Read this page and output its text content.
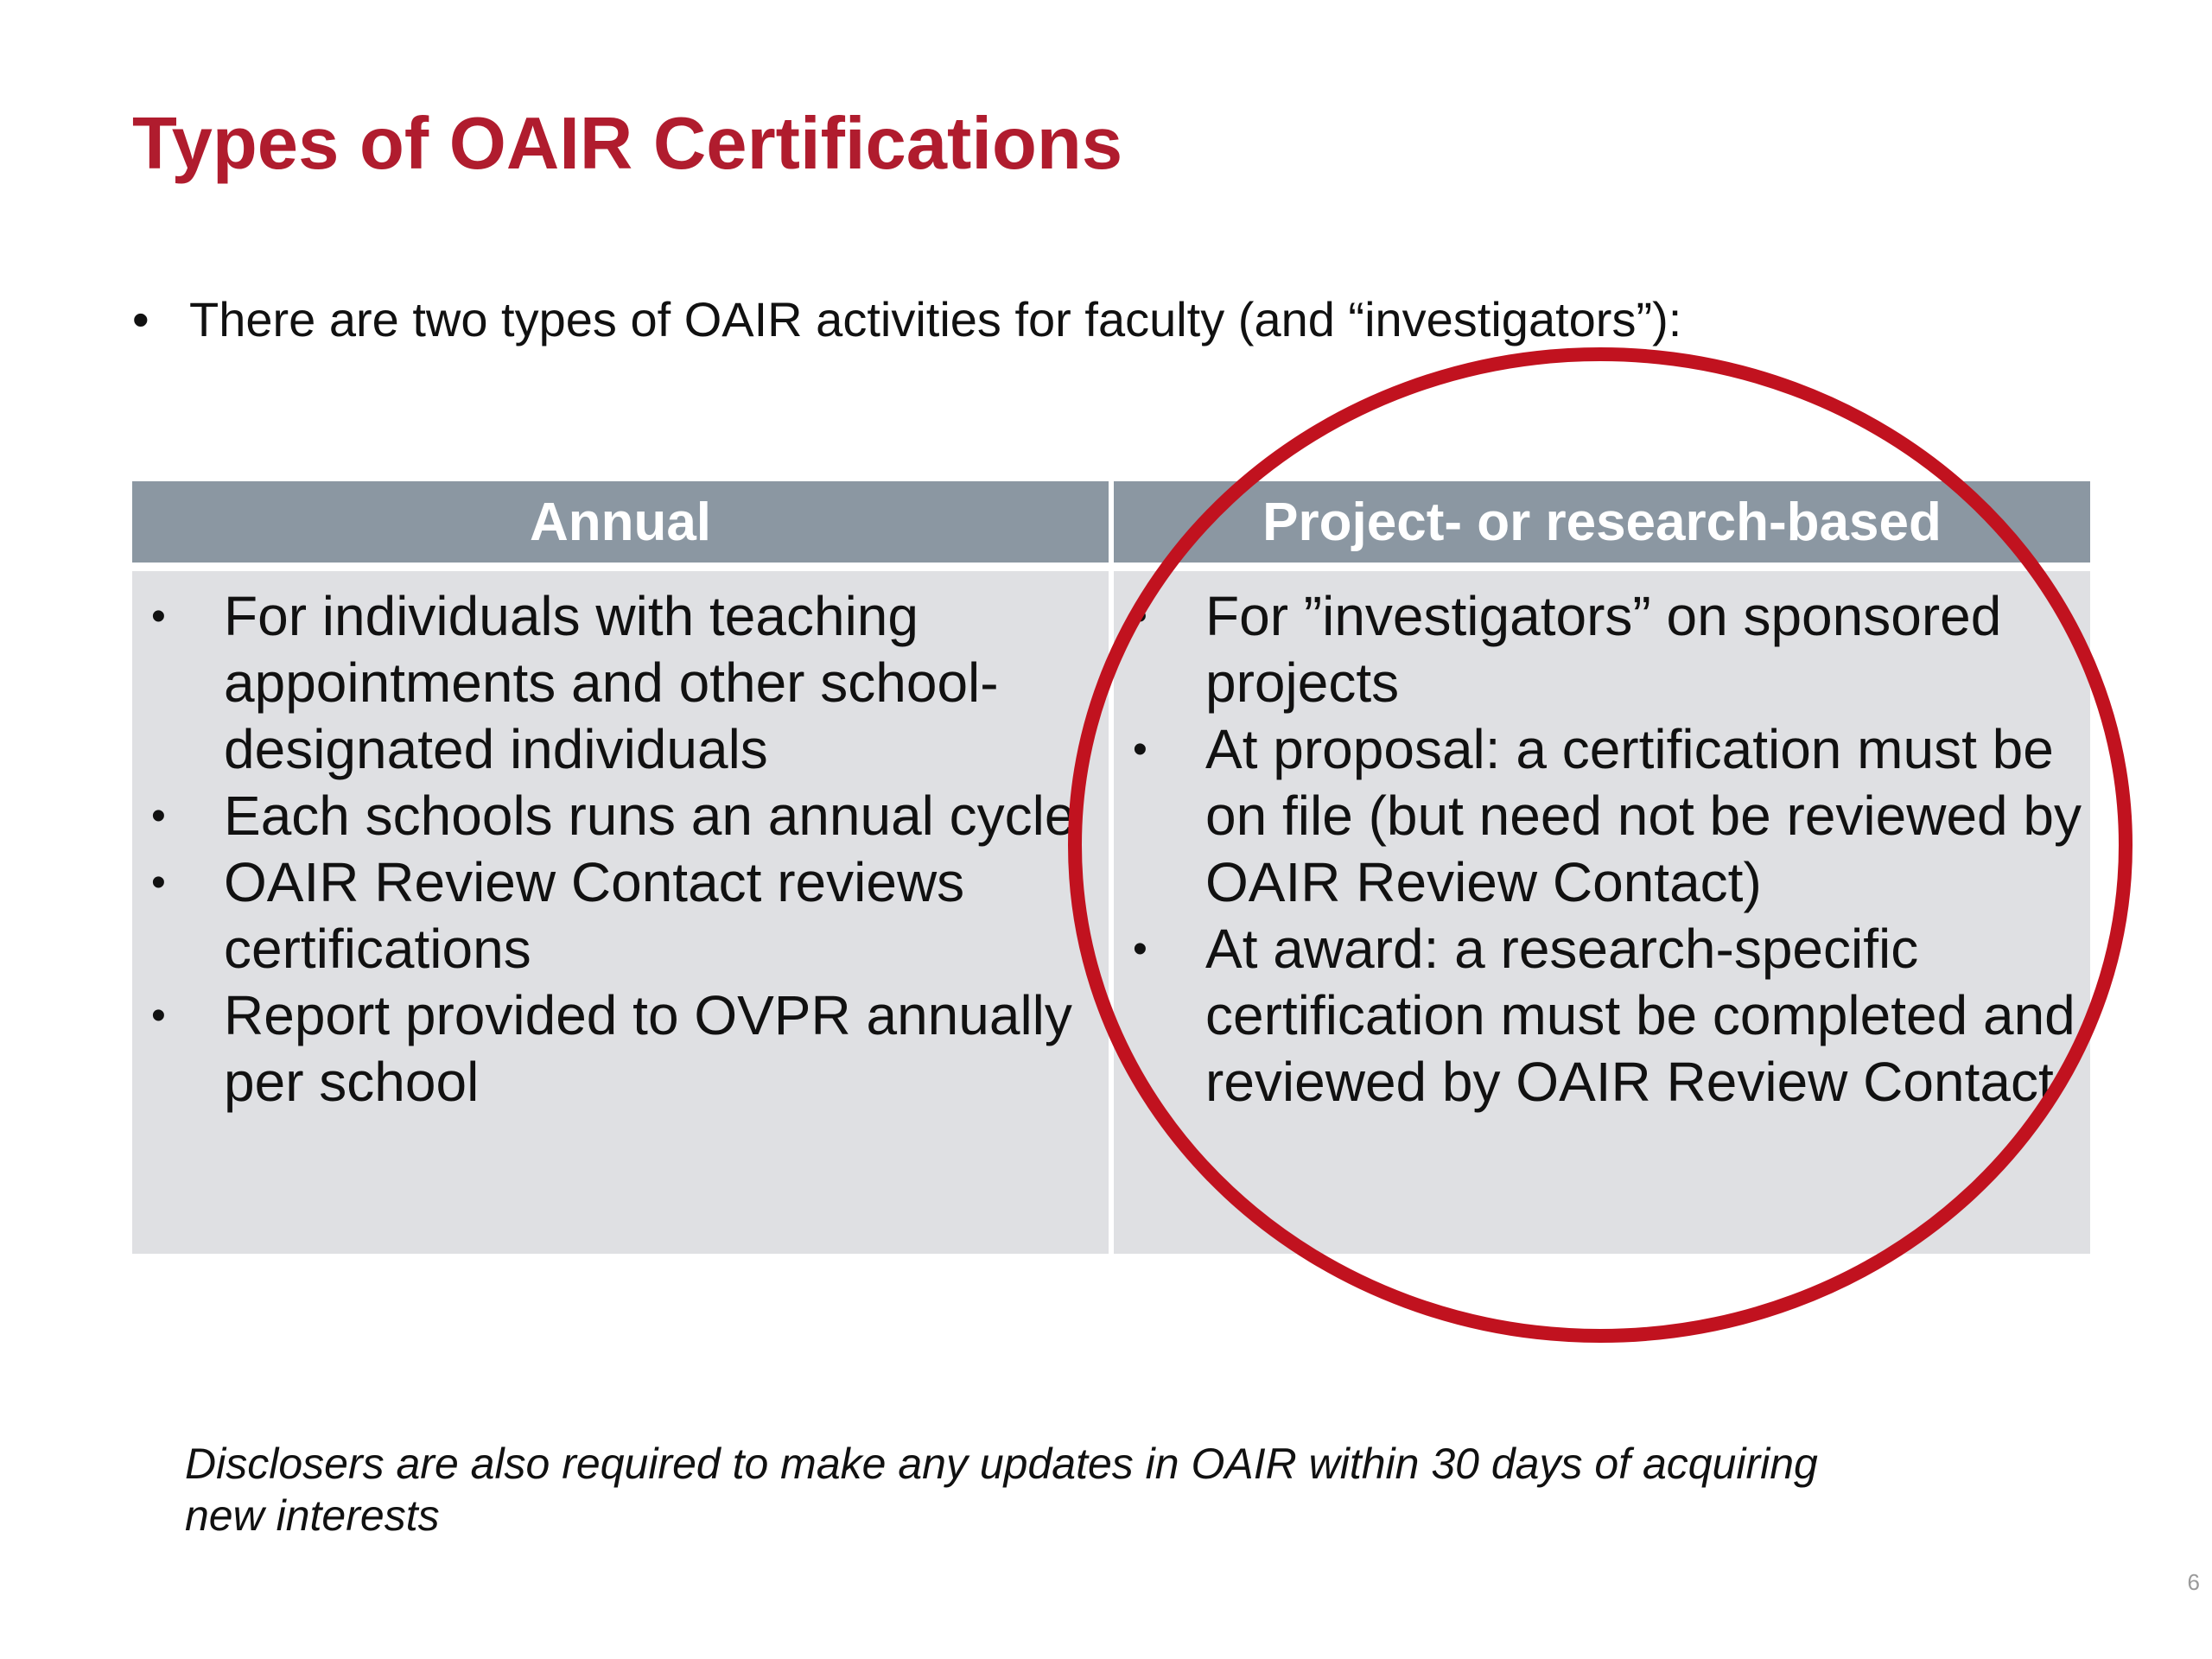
Types of OAIR Certifications
• There are two types of OAIR activities for faculty (and “investigators”):
Annual	Project- or research-based
• For individuals with teaching appointments and other school-designated individuals
• Each schools runs an annual cycle
• OAIR Review Contact reviews certifications
• Report provided to OVPR annually per school
• For ”investigators” on sponsored projects
• At proposal: a certification must be on file (but need not be reviewed by OAIR Review Contact)
• At award: a research-specific certification must be completed and reviewed by OAIR Review Contact
Disclosers are also required to make any updates in OAIR within 30 days of acquiring new interests
6
